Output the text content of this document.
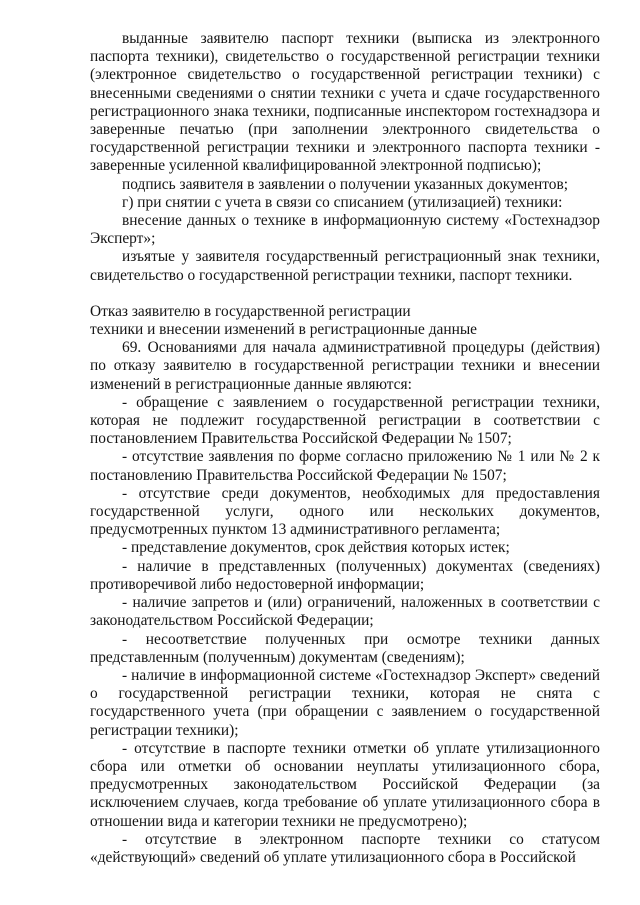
выданные заявителю паспорт техники (выписка из электронного паспорта техники), свидетельство о государственной регистрации техники (электронное свидетельство о государственной регистрации техники) с внесенными сведениями о снятии техники с учета и сдаче государственного регистрационного знака техники, подписанные инспектором гостехнадзора и заверенные печатью (при заполнении электронного свидетельства о государственной регистрации техники и электронного паспорта техники - заверенные усиленной квалифицированной электронной подписью);

подпись заявителя в заявлении о получении указанных документов;

г) при снятии с учета в связи со списанием (утилизацией) техники:

внесение данных о технике в информационную систему «Гостехнадзор Эксперт»;

изъятые у заявителя государственный регистрационный знак техники, свидетельство о государственной регистрации техники, паспорт техники.

Отказ заявителю в государственной регистрации
техники и внесении изменений в регистрационные данные

69. Основаниями для начала административной процедуры (действия) по отказу заявителю в государственной регистрации техники и внесении изменений в регистрационные данные являются:

- обращение с заявлением о государственной регистрации техники, которая не подлежит государственной регистрации в соответствии с постановлением Правительства Российской Федерации № 1507;

- отсутствие заявления по форме согласно приложению № 1 или № 2 к постановлению Правительства Российской Федерации № 1507;

- отсутствие среди документов, необходимых для предоставления государственной услуги, одного или нескольких документов, предусмотренных пунктом 13 административного регламента;

- представление документов, срок действия которых истек;

- наличие в представленных (полученных) документах (сведениях) противоречивой либо недостоверной информации;

- наличие запретов и (или) ограничений, наложенных в соответствии с законодательством Российской Федерации;

- несоответствие полученных при осмотре техники данных представленным (полученным) документам (сведениям);

- наличие в информационной системе «Гостехнадзор Эксперт» сведений о государственной регистрации техники, которая не снята с государственного учета (при обращении с заявлением о государственной регистрации техники);

- отсутствие в паспорте техники отметки об уплате утилизационного сбора или отметки об основании неуплаты утилизационного сбора, предусмотренных законодательством Российской Федерации (за исключением случаев, когда требование об уплате утилизационного сбора в отношении вида и категории техники не предусмотрено);

- отсутствие в электронном паспорте техники со статусом «действующий» сведений об уплате утилизационного сбора в Российской
